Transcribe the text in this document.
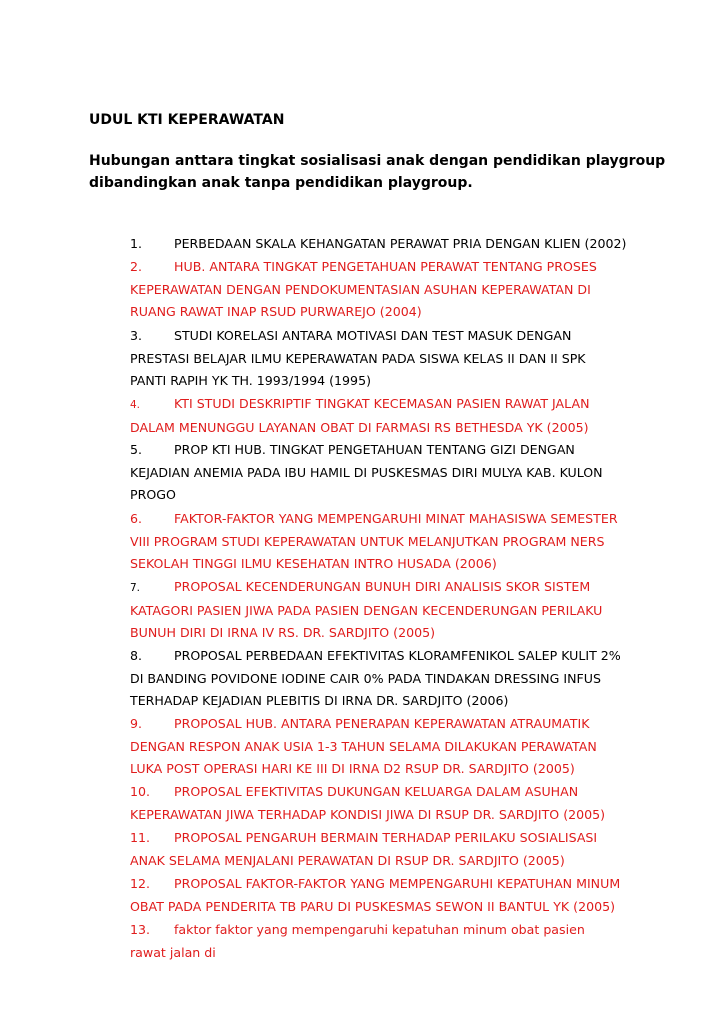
UDUL KTI KEPERAWATAN
Hubungan anttara tingkat sosialisasi anak dengan pendidikan playgroup
dibandingkan anak tanpa pendidikan playgroup.
1.	PERBEDAAN SKALA KEHANGATAN PERAWAT PRIA DENGAN KLIEN (2002)
2.	HUB. ANTARA TINGKAT PENGETAHUAN PERAWAT TENTANG PROSES
KEPERAWATAN DENGAN PENDOKUMENTASIAN ASUHAN KEPERAWATAN DI
RUANG RAWAT INAP RSUD PURWAREJO (2004)
3.	STUDI KORELASI ANTARA MOTIVASI DAN TEST MASUK DENGAN
PRESTASI BELAJAR ILMU KEPERAWATAN PADA SISWA KELAS II DAN II SPK
PANTI RAPIH YK TH. 1993/1994 (1995)
4.	KTI STUDI DESKRIPTIF TINGKAT KECEMASAN PASIEN RAWAT JALAN
DALAM MENUNGGU LAYANAN OBAT DI FARMASI RS BETHESDA YK (2005)
5.	PROP KTI HUB. TINGKAT PENGETAHUAN TENTANG GIZI DENGAN
KEJADIAN ANEMIA PADA IBU HAMIL DI PUSKESMAS DIRI MULYA KAB. KULON
PROGO
6.	FAKTOR-FAKTOR YANG MEMPENGARUHI MINAT MAHASISWA SEMESTER
VIII PROGRAM STUDI KEPERAWATAN UNTUK MELANJUTKAN PROGRAM NERS
SEKOLAH TINGGI ILMU KESEHATAN INTRO HUSADA (2006)
7.	PROPOSAL KECENDERUNGAN BUNUH DIRI ANALISIS SKOR SISTEM
KATAGORI PASIEN JIWA PADA PASIEN DENGAN KECENDERUNGAN PERILAKU
BUNUH DIRI DI IRNA IV RS. DR. SARDJITO (2005)
8.	PROPOSAL PERBEDAAN EFEKTIVITAS KLORAMFENIKOL SALEP KULIT 2%
DI BANDING POVIDONE IODINE CAIR 0% PADA TINDAKAN DRESSING INFUS
TERHADAP KEJADIAN PLEBITIS DI IRNA DR. SARDJITO (2006)
9.	PROPOSAL HUB. ANTARA PENERAPAN KEPERAWATAN ATRAUMATIK
DENGAN RESPON ANAK USIA 1-3 TAHUN SELAMA DILAKUKAN PERAWATAN
LUKA POST OPERASI HARI KE III DI IRNA D2 RSUP DR. SARDJITO (2005)
10. PROPOSAL EFEKTIVITAS DUKUNGAN KELUARGA DALAM ASUHAN
KEPERAWATAN JIWA TERHADAP KONDISI JIWA DI RSUP DR. SARDJITO (2005)
11. PROPOSAL PENGARUH BERMAIN TERHADAP PERILAKU SOSIALISASI
ANAK SELAMA MENJALANI PERAWATAN DI RSUP DR. SARDJITO (2005)
12. PROPOSAL FAKTOR-FAKTOR YANG MEMPENGARUHI KEPATUHAN MINUM
OBAT PADA PENDERITA TB PARU DI PUSKESMAS SEWON II BANTUL YK (2005)
13. faktor faktor yang mempengaruhi kepatuhan minum obat pasien
rawat jalan di
